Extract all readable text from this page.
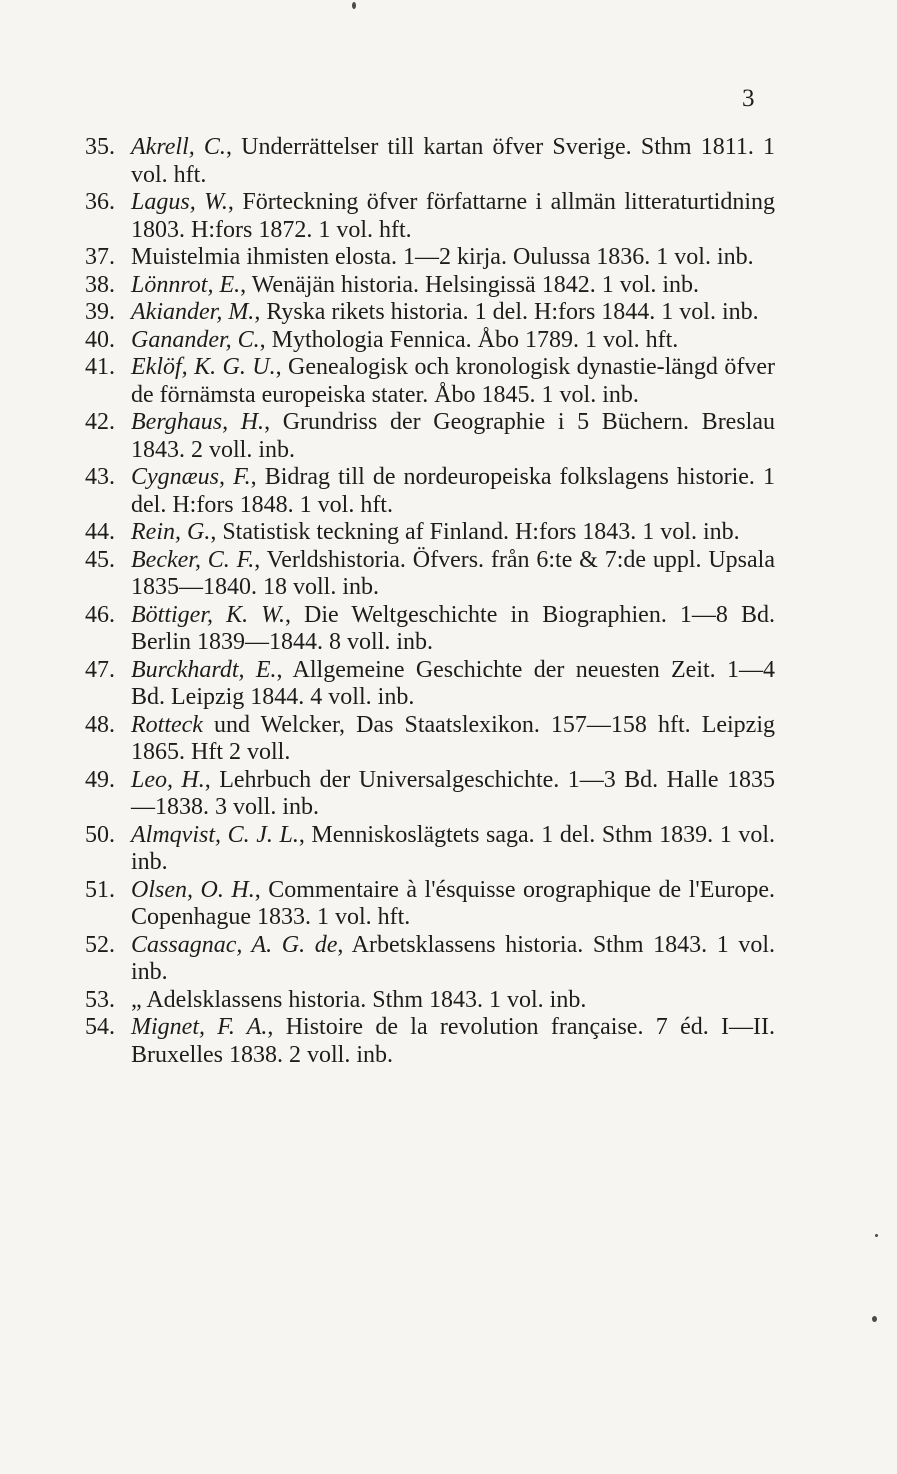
3
35. Akrell, C., Underrättelser till kartan öfver Sverige. Sthm 1811. 1 vol. hft.
36. Lagus, W., Förteckning öfver författarne i allmän litteraturtidning 1803. H:fors 1872. 1 vol. hft.
37. Muistelmia ihmisten elosta. 1—2 kirja. Oulussa 1836. 1 vol. inb.
38. Lönnrot, E., Wenäjän historia. Helsingissä 1842. 1 vol. inb.
39. Akiander, M., Ryska rikets historia. 1 del. H:fors 1844. 1 vol. inb.
40. Ganander, C., Mythologia Fennica. Åbo 1789. 1 vol. hft.
41. Eklöf, K. G. U., Genealogisk och kronologisk dynastie-längd öfver de förnämsta europeiska stater. Åbo 1845. 1 vol. inb.
42. Berghaus, H., Grundriss der Geographie i 5 Büchern. Breslau 1843. 2 voll. inb.
43. Cygnæus, F., Bidrag till de nordeuropeiska folkslagens historie. 1 del. H:fors 1848. 1 vol. hft.
44. Rein, G., Statistisk teckning af Finland. H:fors 1843. 1 vol. inb.
45. Becker, C. F., Verldshistoria. Öfvers. från 6:te & 7:de uppl. Upsala 1835—1840. 18 voll. inb.
46. Böttiger, K. W., Die Weltgeschichte in Biographien. 1—8 Bd. Berlin 1839—1844. 8 voll. inb.
47. Burckhardt, E., Allgemeine Geschichte der neuesten Zeit. 1—4 Bd. Leipzig 1844. 4 voll. inb.
48. Rotteck und Welcker, Das Staatslexikon. 157—158 hft. Leipzig 1865. Hft 2 voll.
49. Leo, H., Lehrbuch der Universalgeschichte. 1—3 Bd. Halle 1835—1838. 3 voll. inb.
50. Almqvist, C. J. L., Menniskoslägtets saga. 1 del. Sthm 1839. 1 vol. inb.
51. Olsen, O. H., Commentaire à l'ésquisse orographique de l'Europe. Copenhague 1833. 1 vol. hft.
52. Cassagnac, A. G. de, Arbetsklassens historia. Sthm 1843. 1 vol. inb.
53. „ Adelsklassens historia. Sthm 1843. 1 vol. inb.
54. Mignet, F. A., Histoire de la revolution française. 7 éd. I—II. Bruxelles 1838. 2 voll. inb.
